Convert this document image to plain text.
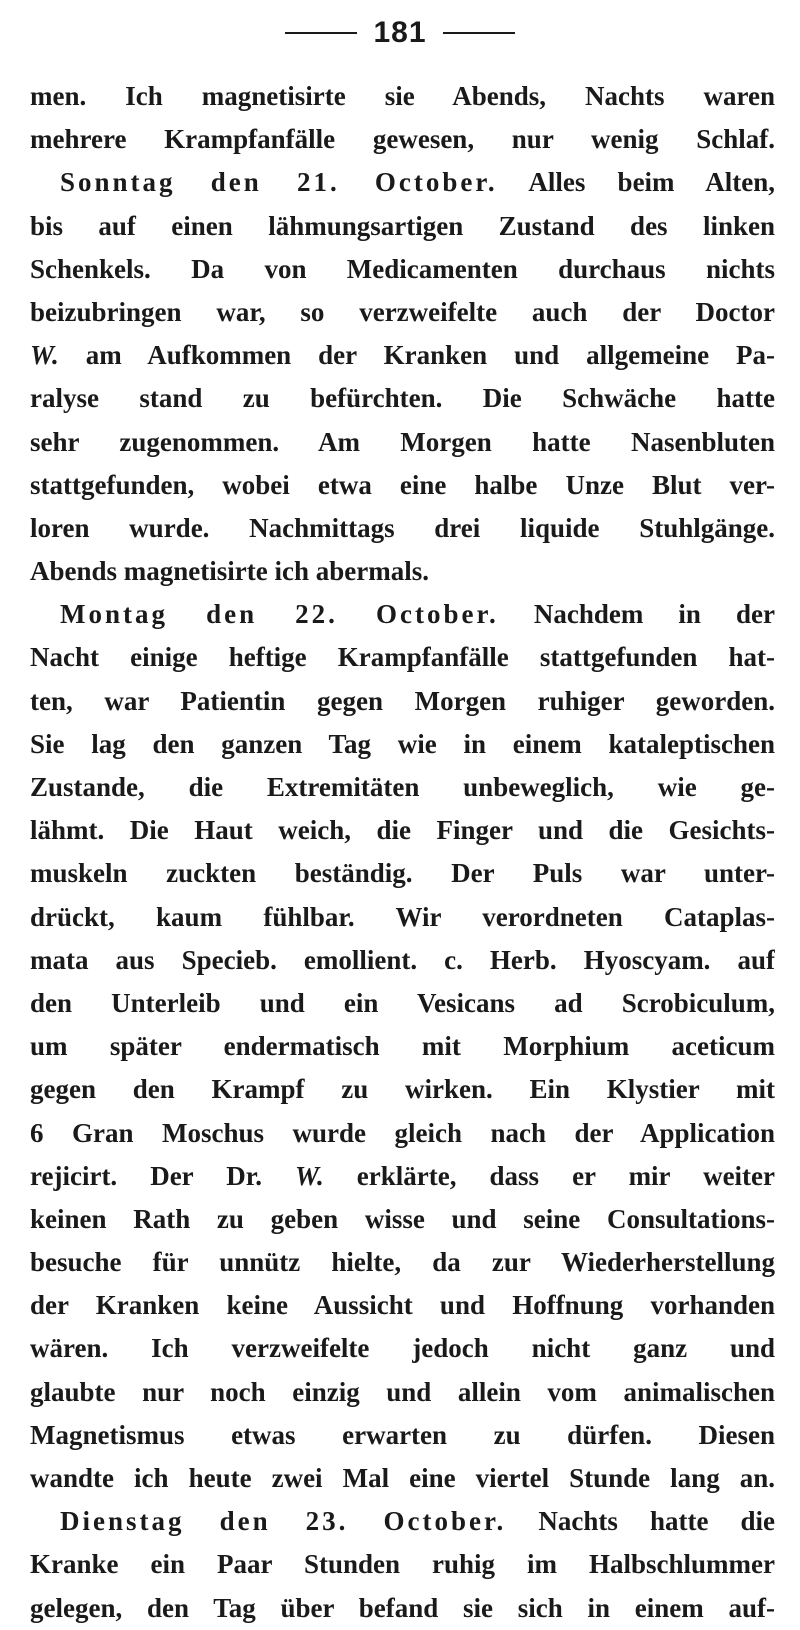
181
men. Ich magnetisirte sie Abends, Nachts waren
mehrere Krampfanfälle gewesen, nur wenig Schlaf.
Sonntag den 21. October. Alles beim Alten,
bis auf einen lähmungsartigen Zustand des linken
Schenkels. Da von Medicamenten durchaus nichts
beizubringen war, so verzweifelte auch der Doctor
W. am Aufkommen der Kranken und allgemeine Pa-
ralyse stand zu befürchten. Die Schwäche hatte
sehr zugenommen. Am Morgen hatte Nasenbluten
stattgefunden, wobei etwa eine halbe Unze Blut ver-
loren wurde. Nachmittags drei liquide Stuhlgänge.
Abends magnetisirte ich abermals.
Montag den 22. October. Nachdem in der
Nacht einige heftige Krampfanfälle stattgefunden hat-
ten, war Patientin gegen Morgen ruhiger geworden.
Sie lag den ganzen Tag wie in einem kataleptischen
Zustande, die Extremitäten unbeweglich, wie ge-
lähmt. Die Haut weich, die Finger und die Gesichts-
muskeln zuckten beständig. Der Puls war unter-
drückt, kaum fühlbar. Wir verordneten Cataplas-
mata aus Specieb. emollient. c. Herb. Hyoscyam. auf
den Unterleib und ein Vesicans ad Scrobiculum,
um später endermatisch mit Morphium aceticum
gegen den Krampf zu wirken. Ein Klystier mit
6 Gran Moschus wurde gleich nach der Application
rejicirt. Der Dr. W. erklärte, dass er mir weiter
keinen Rath zu geben wisse und seine Consultations-
besuche für unnütz hielte, da zur Wiederherstellung
der Kranken keine Aussicht und Hoffnung vorhanden
wären. Ich verzweifelte jedoch nicht ganz und
glaubte nur noch einzig und allein vom animalischen
Magnetismus etwas erwarten zu dürfen. Diesen
wandte ich heute zwei Mal eine viertel Stunde lang an.
Dienstag den 23. October. Nachts hatte die
Kranke ein Paar Stunden ruhig im Halbschlummer
gelegen, den Tag über befand sie sich in einem auf-
